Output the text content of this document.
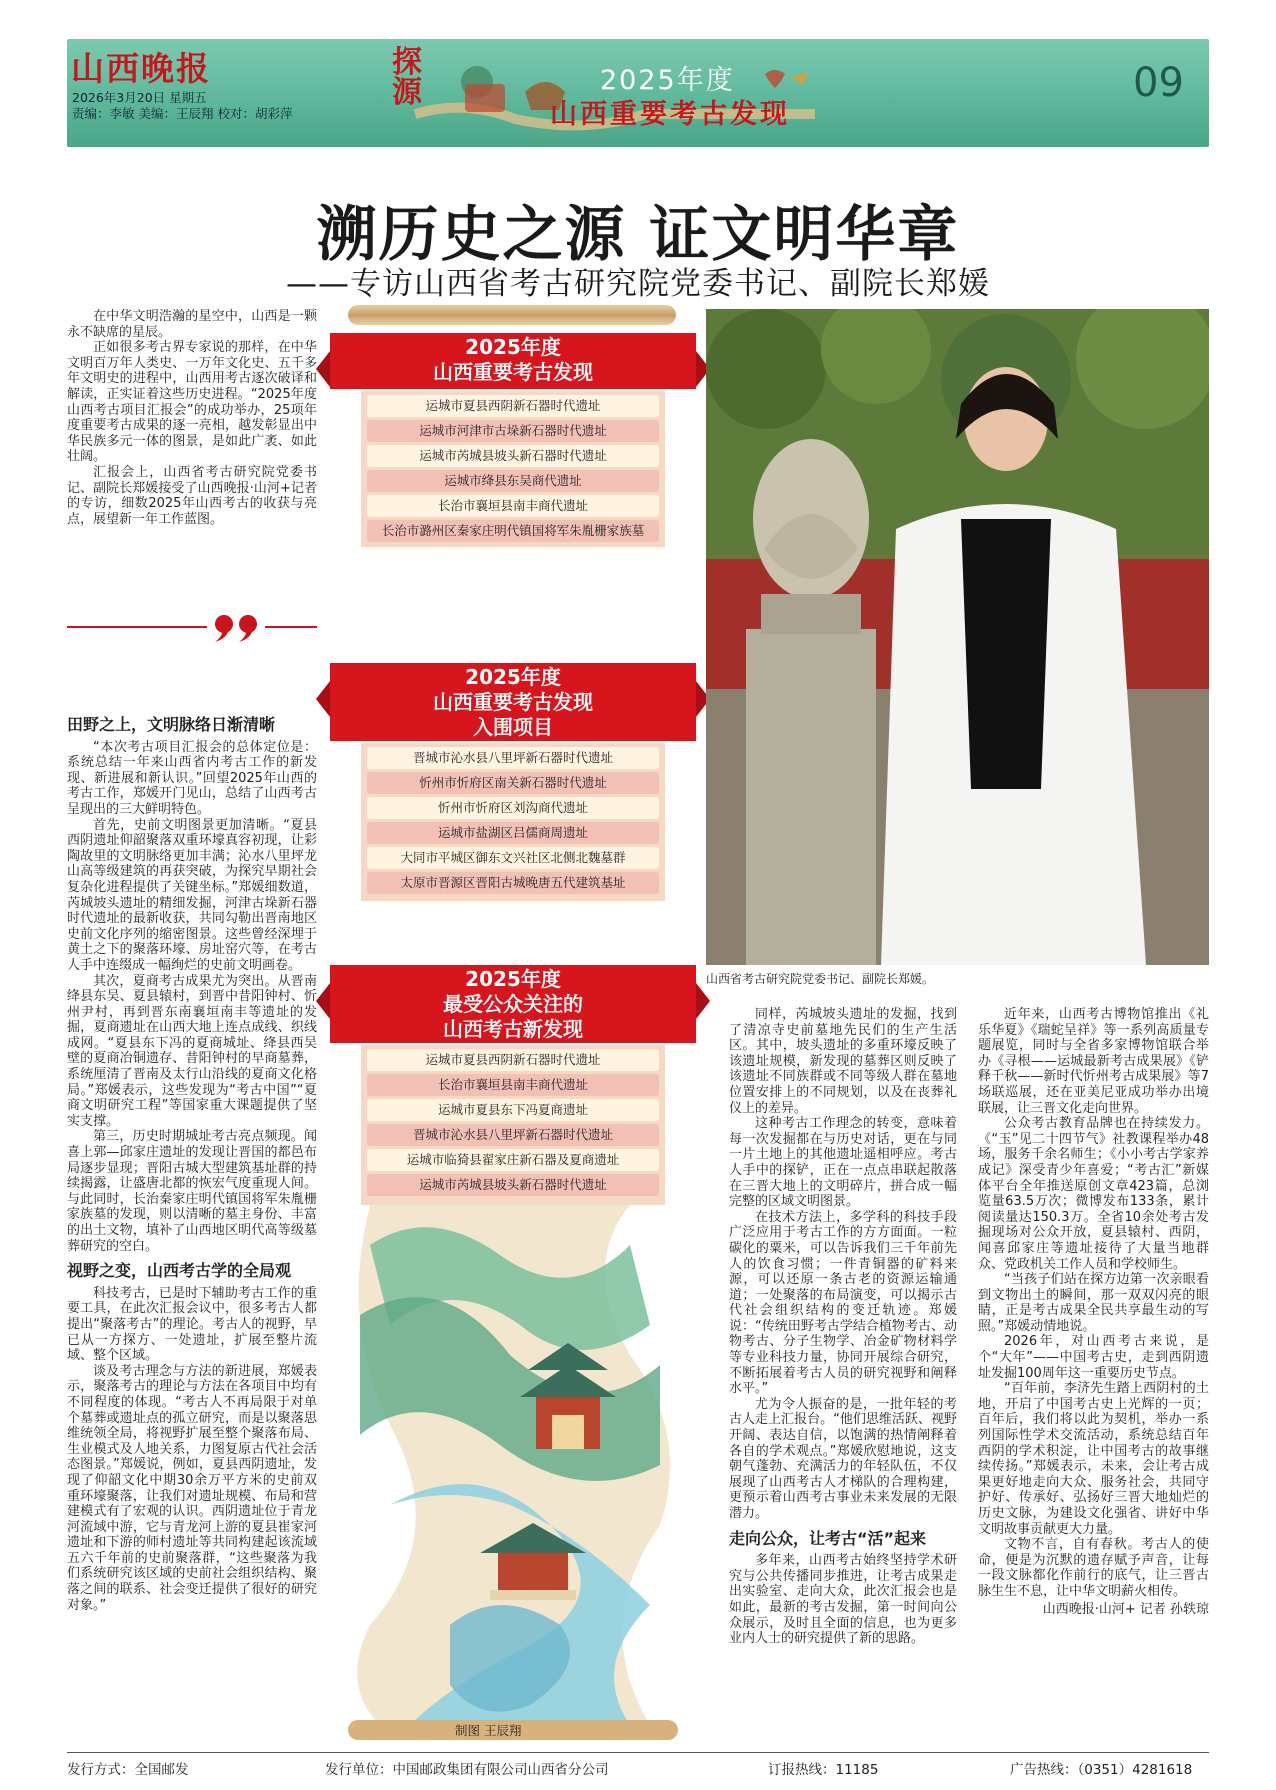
山西晚报
2026年3月20日 星期五
责编：李敏 美编：王辰翔 校对：胡彩萍
探源	2025年度
山西重要考古发现
09
溯历史之源 证文明华章
——专访山西省考古研究院党委书记、副院长郑媛

在中华文明浩瀚的星空中，山西是一颗永不缺席的星辰。

正如很多考古界专家说的那样，在中华文明百万年人类史、一万年文化史、五千多年文明史的进程中，山西用考古逐次破译和解读，正实证着这些历史进程。“2025年度山西考古项目汇报会”的成功举办，25项年度重要考古成果的逐一亮相，越发彰显出中华民族多元一体的图景，是如此广袤、如此壮阔。

汇报会上，山西省考古研究院党委书记、副院长郑媛接受了山西晚报·山河+记者的专访，细数2025年山西考古的收获与亮点，展望新一年工作蓝图。

田野之上，文明脉络日渐清晰

“本次考古项目汇报会的总体定位是：系统总结一年来山西省内考古工作的新发现、新进展和新认识。”回望2025年山西的考古工作，郑媛开门见山，总结了山西考古呈现出的三大鲜明特色。

首先，史前文明图景更加清晰。“夏县西阴遗址仰韶聚落双重环壕真容初现，让彩陶故里的文明脉络更加丰满；沁水八里坪龙山高等级建筑的再获突破，为探究早期社会复杂化进程提供了关键坐标。”郑媛细数道，芮城坡头遗址的精细发掘，河津古垛新石器时代遗址的最新收获，共同勾勒出晋南地区史前文化序列的缩密图景。这些曾经深埋于黄土之下的聚落环壕、房址窑穴等，在考古人手中连缀成一幅绚烂的史前文明画卷。

其次，夏商考古成果尤为突出。从晋南绛县东吴、夏县辕村，到晋中昔阳钟村、忻州尹村，再到晋东南襄垣南丰等遗址的发掘，夏商遗址在山西大地上连点成线、织线成网。“夏县东下冯的夏商城址、绛县西吴壁的夏商冶铜遗存、昔阳钟村的早商墓葬，系统厘清了晋南及太行山沿线的夏商文化格局。”郑媛表示，这些发现为“考古中国”“夏商文明研究工程”等国家重大课题提供了坚实支撑。

第三，历史时期城址考古亮点频现。闻喜上郭—邱家庄遗址的发现让晋国的都邑布局逐步显现；晋阳古城大型建筑基址群的持续揭露，让盛唐北都的恢宏气度重现人间。与此同时，长治秦家庄明代镇国将军朱胤栅家族墓的发现，则以清晰的墓主身份、丰富的出土文物，填补了山西地区明代高等级墓葬研究的空白。

视野之变，山西考古学的全局观

科技考古，已是时下辅助考古工作的重要工具，在此次汇报会议中，很多考古人都提出“聚落考古”的理论。考古人的视野，早已从一方探方、一处遗址，扩展至整片流域、整个区域。

谈及考古理念与方法的新进展，郑媛表示，聚落考古的理论与方法在各项目中均有不同程度的体现。“考古人不再局限于对单个墓葬或遗址点的孤立研究，而是以聚落思维统领全局，将视野扩展至整个聚落布局、生业模式及人地关系，力图复原古代社会活态图景。”郑媛说，例如，夏县西阴遗址，发现了仰韶文化中期30余万平方米的史前双重环壕聚落，让我们对遗址规模、布局和营建模式有了宏观的认识。西阴遗址位于青龙河流域中游，它与青龙河上游的夏县崔家河遗址和下游的师村遗址等共同构建起该流域五六千年前的史前聚落群，“这些聚落为我们系统研究该区域的史前社会组织结构、聚落之间的联系、社会变迁提供了很好的研究对象。”

2025年度
山西重要考古发现
运城市夏县西阴新石器时代遗址
运城市河津市古垛新石器时代遗址
运城市芮城县坡头新石器时代遗址
运城市绛县东吴商代遗址
长治市襄垣县南丰商代遗址
长治市潞州区秦家庄明代镇国将军朱胤栅家族墓
2025年度
山西重要考古发现
入围项目
晋城市沁水县八里坪新石器时代遗址
忻州市忻府区南关新石器时代遗址
忻州市忻府区刘沟商代遗址
运城市盐湖区吕儒商周遗址
大同市平城区御东文兴社区北侧北魏墓群
太原市晋源区晋阳古城晚唐五代建筑基址
2025年度
最受公众关注的
山西考古新发现
运城市夏县西阴新石器时代遗址
长治市襄垣县南丰商代遗址
运城市夏县东下冯夏商遗址
晋城市沁水县八里坪新石器时代遗址
运城市临猗县翟家庄新石器及夏商遗址
运城市芮城县坡头新石器时代遗址
山西省考古研究院党委书记、副院长郑媛。

同样，芮城坡头遗址的发掘，找到了清凉寺史前墓地先民们的生产生活区。其中，坡头遗址的多重环壕反映了该遗址规模，新发现的墓葬区则反映了该遗址不同族群或不同等级人群在墓地位置安排上的不同规划，以及在丧葬礼仪上的差异。

这种考古工作理念的转变，意味着每一次发掘都在与历史对话，更在与同一片土地上的其他遗址遥相呼应。考古人手中的探铲，正在一点点串联起散落在三晋大地上的文明碎片，拼合成一幅完整的区域文明图景。

在技术方法上，多学科的科技手段广泛应用于考古工作的方方面面。一粒碳化的粟米，可以告诉我们三千年前先人的饮食习惯；一件青铜器的矿料来源，可以还原一条古老的资源运输通道；一处聚落的布局演变，可以揭示古代社会组织结构的变迁轨迹。郑媛说：“传统田野考古学结合植物考古、动物考古、分子生物学、冶金矿物材料学等专业科技力量，协同开展综合研究，不断拓展着考古人员的研究视野和阐释水平。”

尤为令人振奋的是，一批年轻的考古人走上汇报台。“他们思维活跃、视野开阔、表达自信，以饱满的热情阐释着各自的学术观点。”郑媛欣慰地说，这支朝气蓬勃、充满活力的年轻队伍，不仅展现了山西考古人才梯队的合理构建，更预示着山西考古事业未来发展的无限潜力。

走向公众，让考古“活”起来

多年来，山西考古始终坚持学术研究与公共传播同步推进，让考古成果走出实验室、走向大众，此次汇报会也是如此，最新的考古发掘，第一时间向公众展示，及时且全面的信息，也为更多业内人士的研究提供了新的思路。

近年来，山西考古博物馆推出《礼乐华夏》《瑞蛇呈祥》等一系列高质量专题展览，同时与全省多家博物馆联合举办《寻根——运城最新考古成果展》《铲释千秋——新时代忻州考古成果展》等7场联巡展，还在亚美尼亚成功举办出境联展，让三晋文化走向世界。

公众考古教育品牌也在持续发力。《“玉”见二十四节气》社教课程举办48场，服务千余名师生；《小小考古学家养成记》深受青少年喜爱；“考古汇”新媒体平台全年推送原创文章423篇，总浏览量63.5万次；微博发布133条，累计阅读量达150.3万。全省10余处考古发掘现场对公众开放，夏县辕村、西阴，闻喜邱家庄等遗址接待了大量当地群众、党政机关工作人员和学校师生。

“当孩子们站在探方边第一次亲眼看到文物出土的瞬间，那一双双闪亮的眼睛，正是考古成果全民共享最生动的写照。”郑媛动情地说。

2026年，对山西考古来说，是个“大年”——中国考古史，走到西阴遗址发掘100周年这一重要历史节点。

“百年前，李济先生踏上西阴村的土地，开启了中国考古史上光辉的一页；百年后，我们将以此为契机，举办一系列国际性学术交流活动，系统总结百年西阴的学术积淀，让中国考古的故事继续传扬。”郑媛表示，未来，会让考古成果更好地走向大众、服务社会，共同守护好、传承好、弘扬好三晋大地灿烂的历史文脉，为建设文化强省、讲好中华文明故事贡献更大力量。

文物不言，自有春秋。考古人的使命，便是为沉默的遗存赋予声音，让每一段文脉都化作前行的底气，让三晋古脉生生不息，让中华文明薪火相传。

山西晚报·山河+ 记者 孙轶琼
制图 王辰翔
发行方式：全国邮发	发行单位：中国邮政集团有限公司山西省分公司	订报热线：11185	广告热线：（0351）4281618
